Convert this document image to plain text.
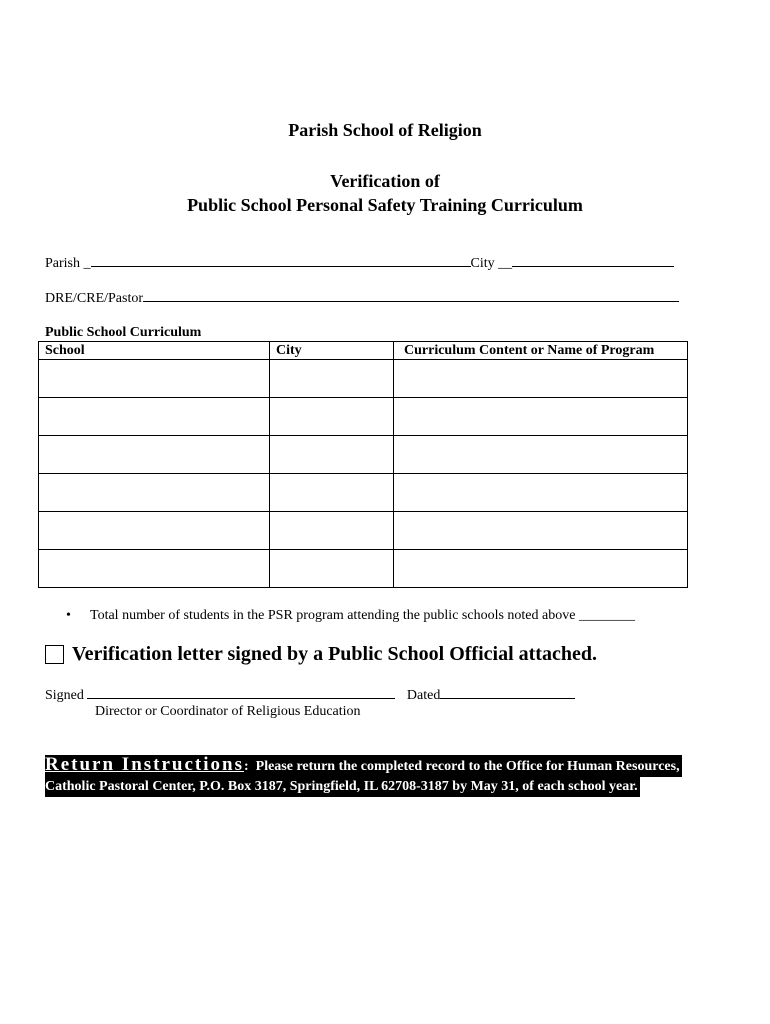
Parish School of Religion
Verification of
Public School Personal Safety Training Curriculum
Parish _	City __
DRE/CRE/Pastor
Public School Curriculum
School	City	Curriculum Content or Name of Program

• Total number of students in the PSR program attending the public schools noted above ________
Verification letter signed by a Public School Official attached.
Signed	Dated
Director or Coordinator of Religious Education
Return Instructions: Please return the completed record to the Office for Human Resources,
Catholic Pastoral Center, P.O. Box 3187, Springfield, IL 62708-3187 by May 31, of each school year.
